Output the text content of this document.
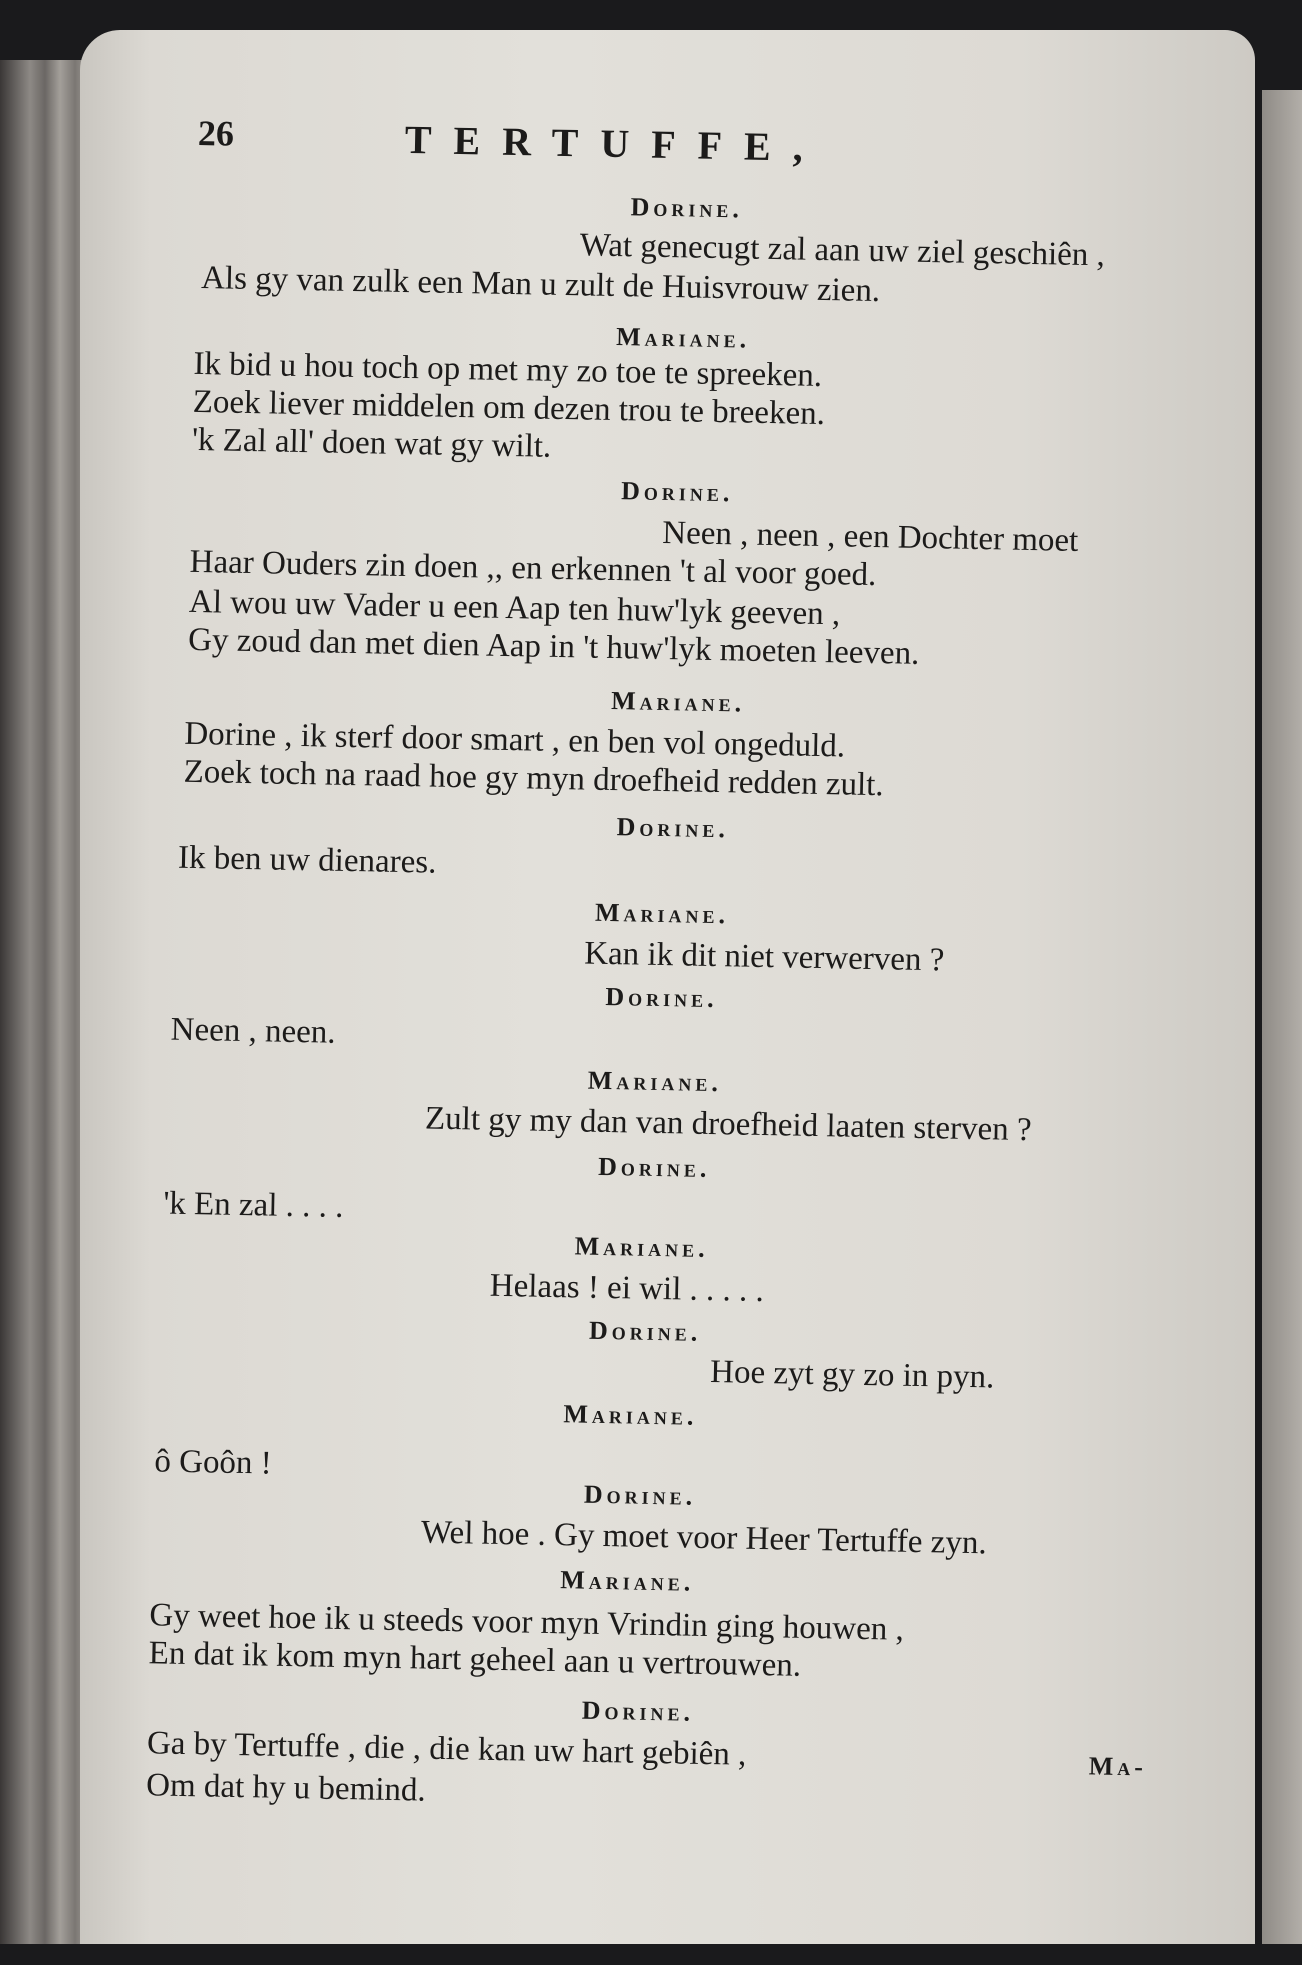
26	TERTUFFE,
Dorine.
Wat genecugt zal aan uw ziel geschiên ,
Als gy van zulk een Man u zult de Huisvrouw zien.
Mariane.
Ik bid u hou toch op met my zo toe te spreeken.
Zoek liever middelen om dezen trou te breeken.
'k Zal all' doen wat gy wilt.
Dorine.
Neen , neen , een Dochter moet
Haar Ouders zin doen ,, en erkennen 't al voor goed.
Al wou uw Vader u een Aap ten huw'lyk geeven ,
Gy zoud dan met dien Aap in 't huw'lyk moeten leeven.
Mariane.
Dorine , ik sterf door smart , en ben vol ongeduld.
Zoek toch na raad hoe gy myn droefheid redden zult.
Dorine.
Ik ben uw dienares.
Mariane.
Kan ik dit niet verwerven ?
Dorine.
Neen , neen.
Mariane.
Zult gy my dan van droefheid laaten sterven ?
Dorine.
'k En zal . . . .
Mariane.
Helaas ! ei wil . . . . .
Dorine.
Hoe zyt gy zo in pyn.
Mariane.
ô Goôn !
Dorine.
Wel hoe . Gy moet voor Heer Tertuffe zyn.
Mariane.
Gy weet hoe ik u steeds voor myn Vrindin ging houwen ,
En dat ik kom myn hart geheel aan u vertrouwen.
Dorine.
Ga by Tertuffe , die , die kan uw hart gebiên ,
Om dat hy u bemind.
Ma-
